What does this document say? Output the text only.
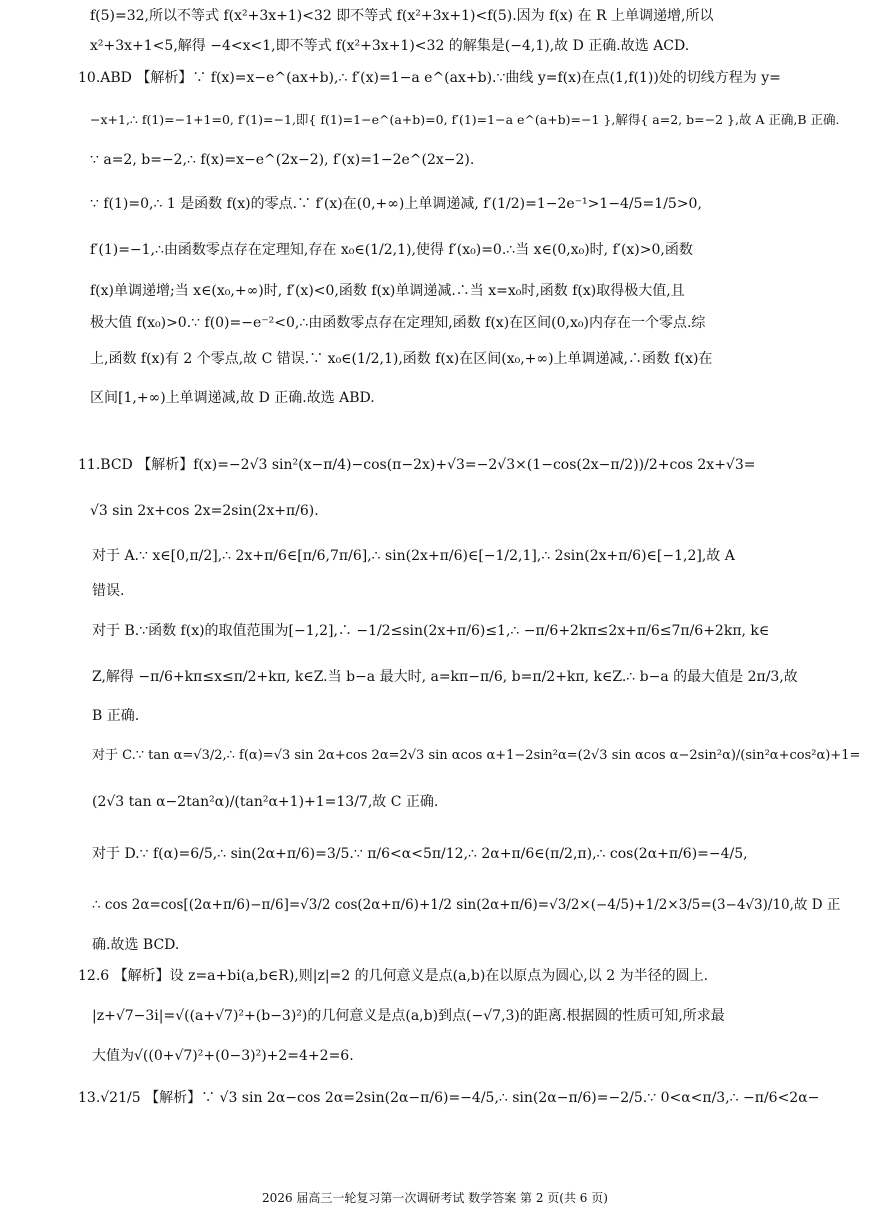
f(5)=32,所以不等式 f(x²+3x+1)<32 即不等式 f(x²+3x+1)<f(5).因为 f(x) 在 R 上单调递增,所以
x²+3x+1<5,解得 −4<x<1,即不等式 f(x²+3x+1)<32 的解集是(−4,1),故 D 正确.故选 ACD.
10.ABD 【解析】∵ f(x)=x−e^(ax+b),∴ f′(x)=1−a e^(ax+b).∵曲线 y=f(x)在点(1,f(1))处的切线方程为 y=
−x+1,∴ f(1)=−1+1=0, f′(1)=−1,即{ f(1)=1−e^(a+b)=0, f′(1)=1−a e^(a+b)=−1 },解得{ a=2, b=−2 },故 A 正确,B 正确.
∵ a=2, b=−2,∴ f(x)=x−e^(2x−2), f′(x)=1−2e^(2x−2).
∵ f(1)=0,∴ 1 是函数 f(x)的零点.∵ f′(x)在(0,+∞)上单调递减, f′(1/2)=1−2e⁻¹>1−4/5=1/5>0,
f′(1)=−1,∴由函数零点存在定理知,存在 x₀∈(1/2,1),使得 f′(x₀)=0.∴当 x∈(0,x₀)时, f′(x)>0,函数
f(x)单调递增;当 x∈(x₀,+∞)时, f′(x)<0,函数 f(x)单调递减.∴当 x=x₀时,函数 f(x)取得极大值,且
极大值 f(x₀)>0.∵ f(0)=−e⁻²<0,∴由函数零点存在定理知,函数 f(x)在区间(0,x₀)内存在一个零点.综
上,函数 f(x)有 2 个零点,故 C 错误.∵ x₀∈(1/2,1),函数 f(x)在区间(x₀,+∞)上单调递减,∴函数 f(x)在
区间[1,+∞)上单调递减,故 D 正确.故选 ABD.
11.BCD 【解析】f(x)=−2√3 sin²(x−π/4)−cos(π−2x)+√3=−2√3×(1−cos(2x−π/2))/2+cos 2x+√3=
√3 sin 2x+cos 2x=2sin(2x+π/6).
对于 A.∵ x∈[0,π/2],∴ 2x+π/6∈[π/6,7π/6],∴ sin(2x+π/6)∈[−1/2,1],∴ 2sin(2x+π/6)∈[−1,2],故 A
错误.
对于 B.∵函数 f(x)的取值范围为[−1,2],∴ −1/2≤sin(2x+π/6)≤1,∴ −π/6+2kπ≤2x+π/6≤7π/6+2kπ, k∈
Z,解得 −π/6+kπ≤x≤π/2+kπ, k∈Z.当 b−a 最大时, a=kπ−π/6, b=π/2+kπ, k∈Z.∴ b−a 的最大值是 2π/3,故
B 正确.
对于 C.∵ tan α=√3/2,∴ f(α)=√3 sin 2α+cos 2α=2√3 sin αcos α+1−2sin²α=(2√3 sin αcos α−2sin²α)/(sin²α+cos²α)+1=
(2√3 tan α−2tan²α)/(tan²α+1)+1=13/7,故 C 正确.
对于 D.∵ f(α)=6/5,∴ sin(2α+π/6)=3/5.∵ π/6<α<5π/12,∴ 2α+π/6∈(π/2,π),∴ cos(2α+π/6)=−4/5,
∴ cos 2α=cos[(2α+π/6)−π/6]=√3/2 cos(2α+π/6)+1/2 sin(2α+π/6)=√3/2×(−4/5)+1/2×3/5=(3−4√3)/10,故 D 正
确.故选 BCD.
12.6 【解析】设 z=a+bi(a,b∈R),则|z|=2 的几何意义是点(a,b)在以原点为圆心,以 2 为半径的圆上.
|z+√7−3i|=√((a+√7)²+(b−3)²)的几何意义是点(a,b)到点(−√7,3)的距离.根据圆的性质可知,所求最
大值为√((0+√7)²+(0−3)²)+2=4+2=6.
13.√21/5 【解析】∵ √3 sin 2α−cos 2α=2sin(2α−π/6)=−4/5,∴ sin(2α−π/6)=−2/5.∵ 0<α<π/3,∴ −π/6<2α−
2026 届高三一轮复习第一次调研考试 数学答案 第 2 页(共 6 页)
